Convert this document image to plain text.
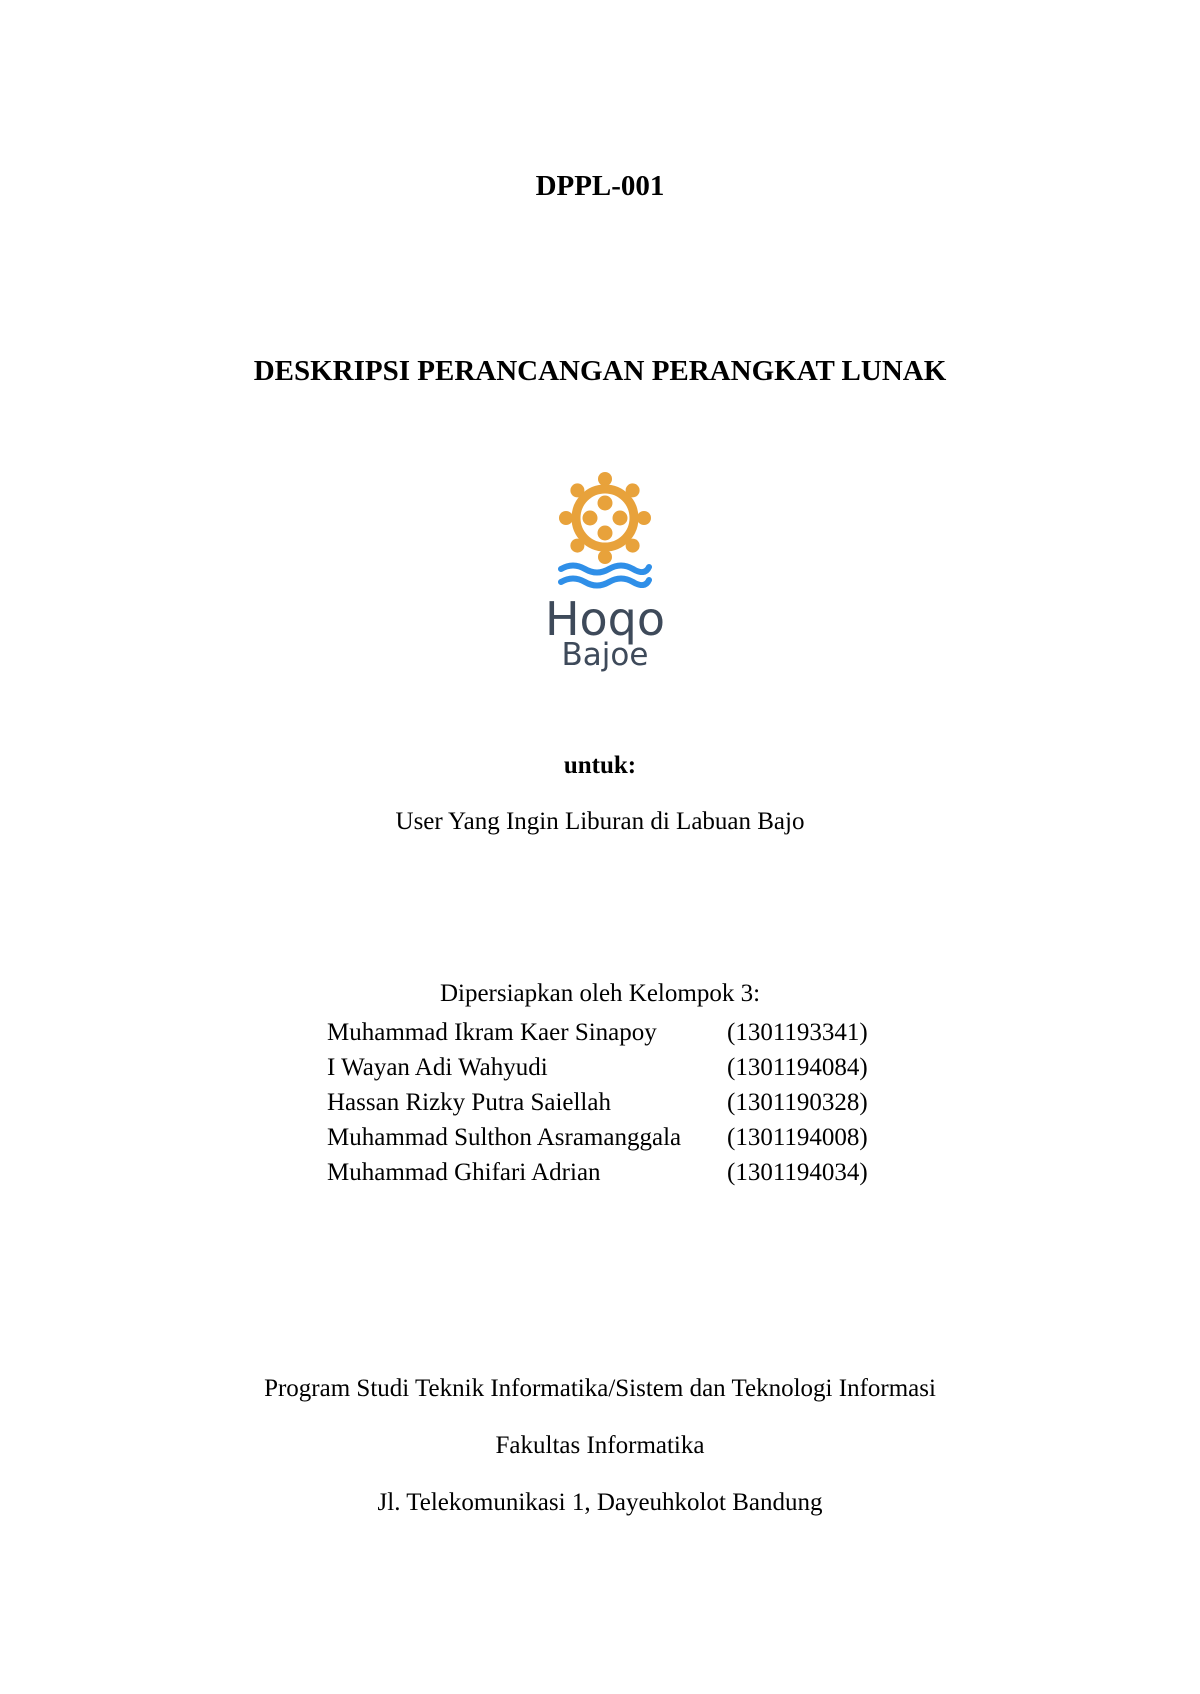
DPPL-001
DESKRIPSI PERANCANGAN PERANGKAT LUNAK
Hoqo
Bajoe
untuk:
User Yang Ingin Liburan di Labuan Bajo
Dipersiapkan oleh Kelompok 3:
Muhammad Ikram Kaer Sinapoy	(1301193341)
I Wayan Adi Wahyudi	(1301194084)
Hassan Rizky Putra Saiellah	(1301190328)
Muhammad Sulthon Asramanggala (1301194008)
Muhammad Ghifari Adrian	(1301194034)
Program Studi Teknik Informatika/Sistem dan Teknologi Informasi
Fakultas Informatika
Jl. Telekomunikasi 1, Dayeuhkolot Bandung
